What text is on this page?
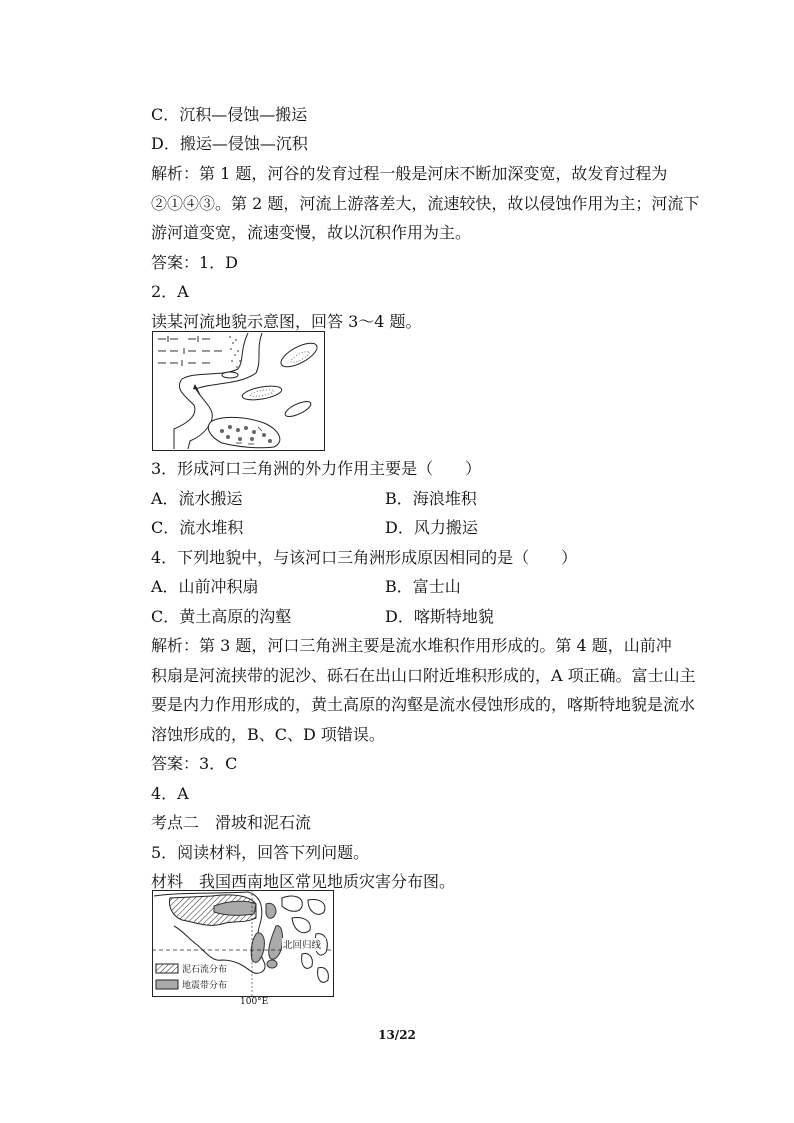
C．沉积—侵蚀—搬运
D．搬运—侵蚀—沉积
解析：第 1 题，河谷的发育过程一般是河床不断加深变宽，故发育过程为
②①④③。第 2 题，河流上游落差大，流速较快，故以侵蚀作用为主；河流下
游河道变宽，流速变慢，故以沉积作用为主。
答案：1．D
2．A
读某河流地貌示意图，回答 3～4 题。
3．形成河口三角洲的外力作用主要是（　　）
A．流水搬运	B．海浪堆积
C．流水堆积	D．风力搬运
4．下列地貌中，与该河口三角洲形成原因相同的是（　　）
A．山前冲积扇	B．富士山
C．黄土高原的沟壑	D．喀斯特地貌
解析：第 3 题，河口三角洲主要是流水堆积作用形成的。第 4 题，山前冲
积扇是河流挟带的泥沙、砾石在出山口附近堆积形成的，A 项正确。富士山主
要是内力作用形成的，黄土高原的沟壑是流水侵蚀形成的，喀斯特地貌是流水
溶蚀形成的，B、C、D 项错误。
答案：3．C
4．A
考点二　滑坡和泥石流
5．阅读材料，回答下列问题。
材料　我国西南地区常见地质灾害分布图。
北回归线
泥石流分布
地震带分布
100°E
13/22
